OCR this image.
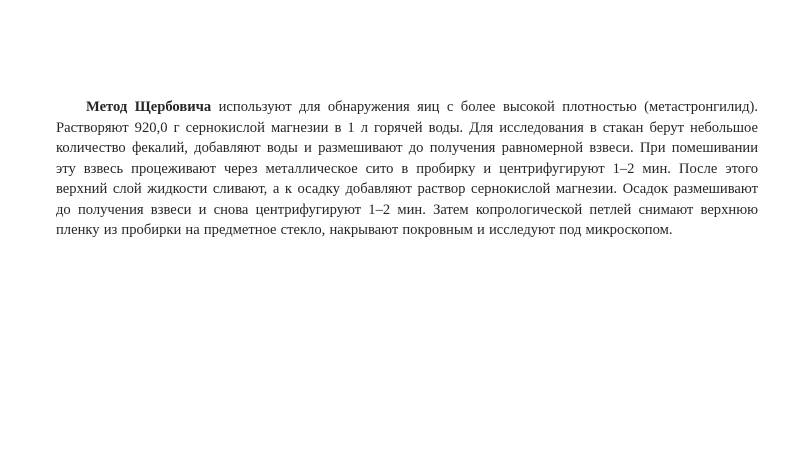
Метод Щербовича используют для обнаружения яиц с более высокой плотностью (метастронгилид). Растворяют 920,0 г сернокислой магнезии в 1 л горячей воды. Для исследования в стакан берут небольшое количество фекалий, добавляют воды и размешивают до получения равномерной взвеси. При помешивании эту взвесь процеживают через металлическое сито в пробирку и центрифугируют 1–2 мин. После этого верхний слой жидкости сливают, а к осадку добавляют раствор сернокислой магнезии. Осадок размешивают до получения взвеси и снова центрифугируют 1–2 мин. Затем копрологической петлей снимают верхнюю пленку из пробирки на предметное стекло, накрывают покровным и исследуют под микроскопом.
